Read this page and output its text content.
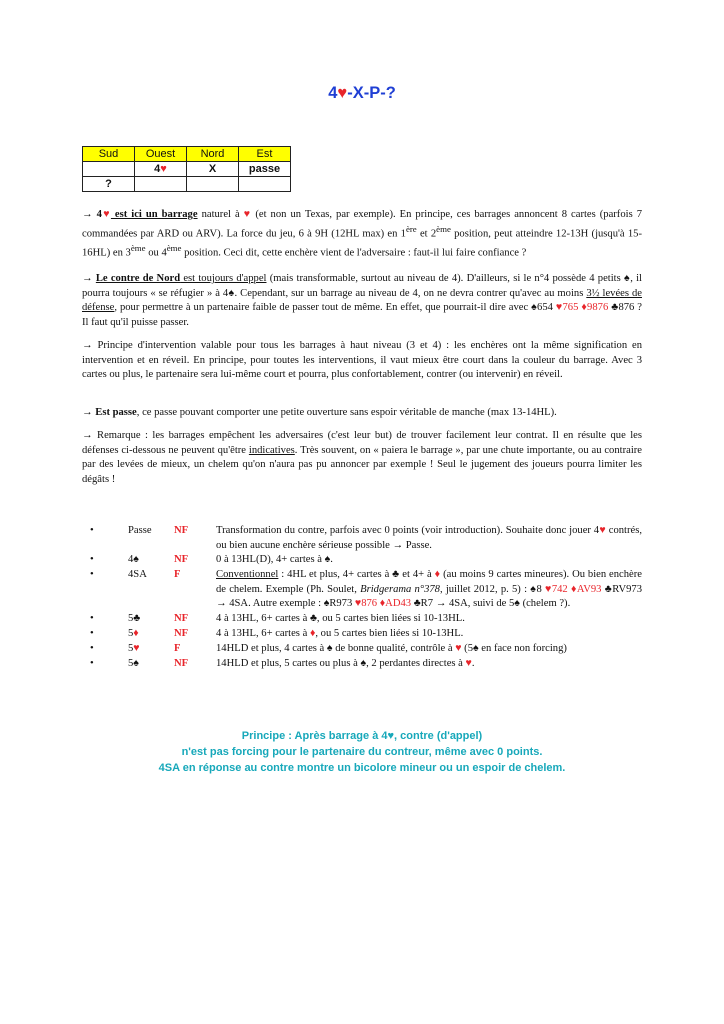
4♥-X-P-?
Sud	Ouest	Nord	Est
	4♥	X	passe
?			

→ 4♥ est ici un barrage naturel à ♥ (et non un Texas, par exemple). En principe, ces barrages annoncent 8 cartes (parfois 7 commandées par ARD ou ARV). La force du jeu, 6 à 9H (12HL max) en 1ère et 2ème position, peut atteindre 12-13H (jusqu'à 15-16HL) en 3ème ou 4ème position. Ceci dit, cette enchère vient de l'adversaire : faut-il lui faire confiance ?

→ Le contre de Nord est toujours d'appel (mais transformable, surtout au niveau de 4). D'ailleurs, si le n°4 possède 4 petits ♠, il pourra toujours « se réfugier » à 4♠. Cependant, sur un barrage au niveau de 4, on ne devra contrer qu'avec au moins 3½ levées de défense, pour permettre à un partenaire faible de passer tout de même. En effet, que pourrait-il dire avec ♠654 ♥765 ♦9876 ♣876 ? Il faut qu'il puisse passer.

→ Principe d'intervention valable pour tous les barrages à haut niveau (3 et 4) : les enchères ont la même signification en intervention et en réveil. En principe, pour toutes les interventions, il vaut mieux être court dans la couleur du barrage. Avec 3 cartes ou plus, le partenaire sera lui-même court et pourra, plus confortablement, contrer (ou intervenir) en réveil.

→ Est passe, ce passe pouvant comporter une petite ouverture sans espoir véritable de manche (max 13-14HL).

→ Remarque : les barrages empêchent les adversaires (c'est leur but) de trouver facilement leur contrat. Il en résulte que les défenses ci-dessous ne peuvent qu'être indicatives. Très souvent, on « paiera le barrage », par une chute importante, ou au contraire par des levées de mieux, un chelem qu'on n'aura pas pu annoncer par exemple ! Seul le jugement des joueurs pourra limiter les dégâts !

•	Passe NF	Transformation du contre, parfois avec 0 points (voir introduction). Souhaite donc jouer 4♥ contrés, ou bien aucune enchère sérieuse possible → Passe.
•	4♠	NF	0 à 13HL(D), 4+ cartes à ♠.
•	4SA	F	Conventionnel : 4HL et plus, 4+ cartes à ♣ et 4+ à ♦ (au moins 9 cartes mineures). Ou bien enchère de chelem. Exemple (Ph. Soulet, Bridgerama n°378, juillet 2012, p. 5) : ♠8 ♥742 ♦AV93 ♣RV973 → 4SA. Autre exemple : ♠R973 ♥876 ♦AD43 ♣R7 → 4SA, suivi de 5♠ (chelem ?).
•	5♣	NF	4 à 13HL, 6+ cartes à ♣, ou 5 cartes bien liées si 10-13HL.
•	5♦	NF	4 à 13HL, 6+ cartes à ♦, ou 5 cartes bien liées si 10-13HL.
•	5♥	F	14HLD et plus, 4 cartes à ♠ de bonne qualité, contrôle à ♥ (5♠ en face non forcing)
•	5♠	NF	14HLD et plus, 5 cartes ou plus à ♠, 2 perdantes directes à ♥.
Principe : Après barrage à 4♥, contre (d'appel)
n'est pas forcing pour le partenaire du contreur, même avec 0 points.
4SA en réponse au contre montre un bicolore mineur ou un espoir de chelem.
